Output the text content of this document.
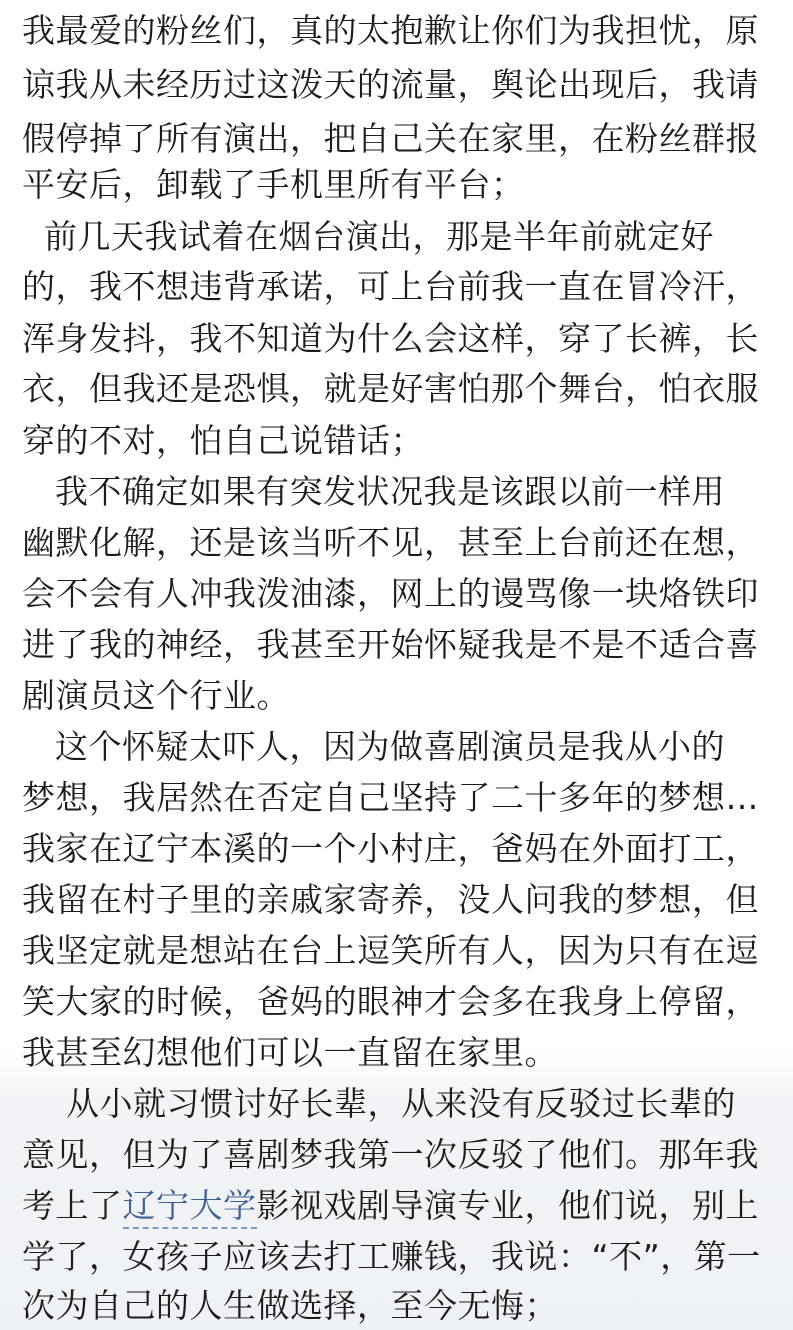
我最爱的粉丝们，真的太抱歉让你们为我担忧，原
谅我从未经历过这泼天的流量，舆论出现后，我请
假停掉了所有演出，把自己关在家里，在粉丝群报
平安后，卸载了手机里所有平台；
前几天我试着在烟台演出，那是半年前就定好
的，我不想违背承诺，可上台前我一直在冒冷汗，
浑身发抖，我不知道为什么会这样，穿了长裤，长
衣，但我还是恐惧，就是好害怕那个舞台，怕衣服
穿的不对，怕自己说错话；
我不确定如果有突发状况我是该跟以前一样用
幽默化解，还是该当听不见，甚至上台前还在想，
会不会有人冲我泼油漆，网上的谩骂像一块烙铁印
进了我的神经，我甚至开始怀疑我是不是不适合喜
剧演员这个行业。
这个怀疑太吓人，因为做喜剧演员是我从小的
梦想，我居然在否定自己坚持了二十多年的梦想…
我家在辽宁本溪的一个小村庄，爸妈在外面打工，
我留在村子里的亲戚家寄养，没人问我的梦想，但
我坚定就是想站在台上逗笑所有人，因为只有在逗
笑大家的时候，爸妈的眼神才会多在我身上停留，
我甚至幻想他们可以一直留在家里。
从小就习惯讨好长辈，从来没有反驳过长辈的
意见，但为了喜剧梦我第一次反驳了他们。那年我
考上了辽宁大学影视戏剧导演专业，他们说，别上
学了，女孩子应该去打工赚钱，我说：“不”，第一
次为自己的人生做选择，至今无悔；
